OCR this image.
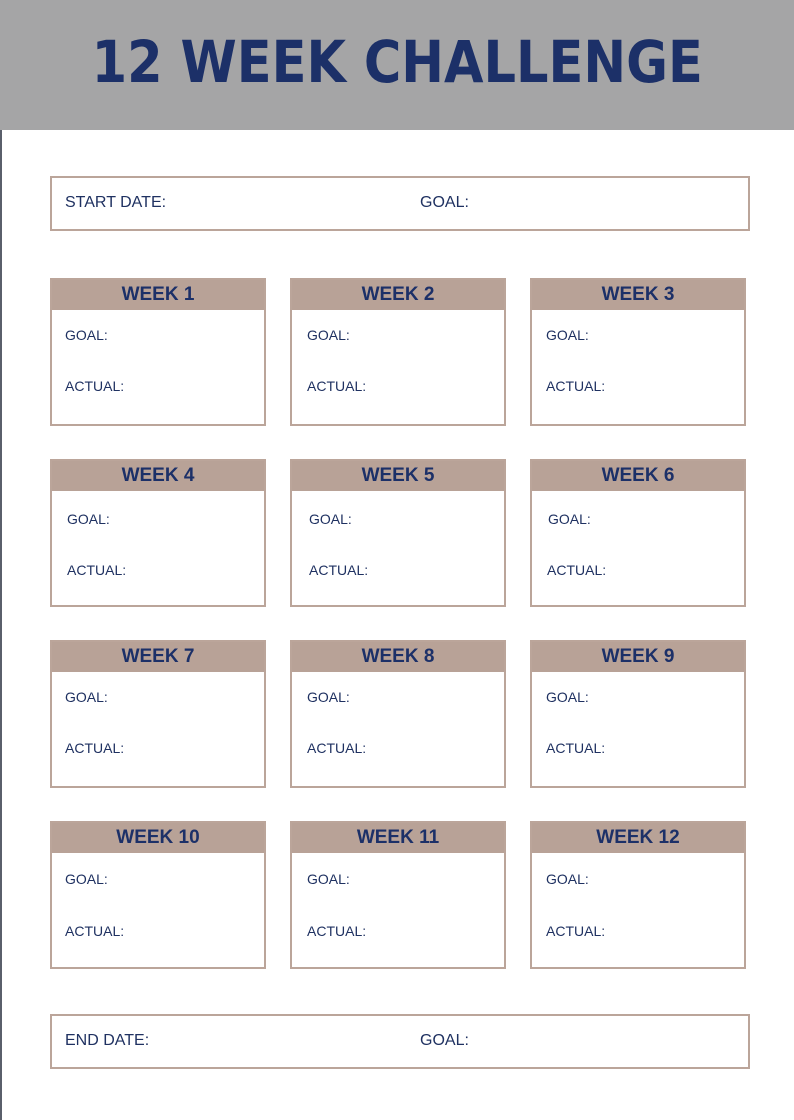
12 WEEK CHALLENGE
START DATE:	GOAL:
WEEK 1
GOAL:
ACTUAL:
WEEK 2
GOAL:
ACTUAL:
WEEK 3
GOAL:
ACTUAL:
WEEK 4
GOAL:
ACTUAL:
WEEK 5
GOAL:
ACTUAL:
WEEK 6
GOAL:
ACTUAL:
WEEK 7
GOAL:
ACTUAL:
WEEK 8
GOAL:
ACTUAL:
WEEK 9
GOAL:
ACTUAL:
WEEK 10
GOAL:
ACTUAL:
WEEK 11
GOAL:
ACTUAL:
WEEK 12
GOAL:
ACTUAL:
END DATE:	GOAL:
